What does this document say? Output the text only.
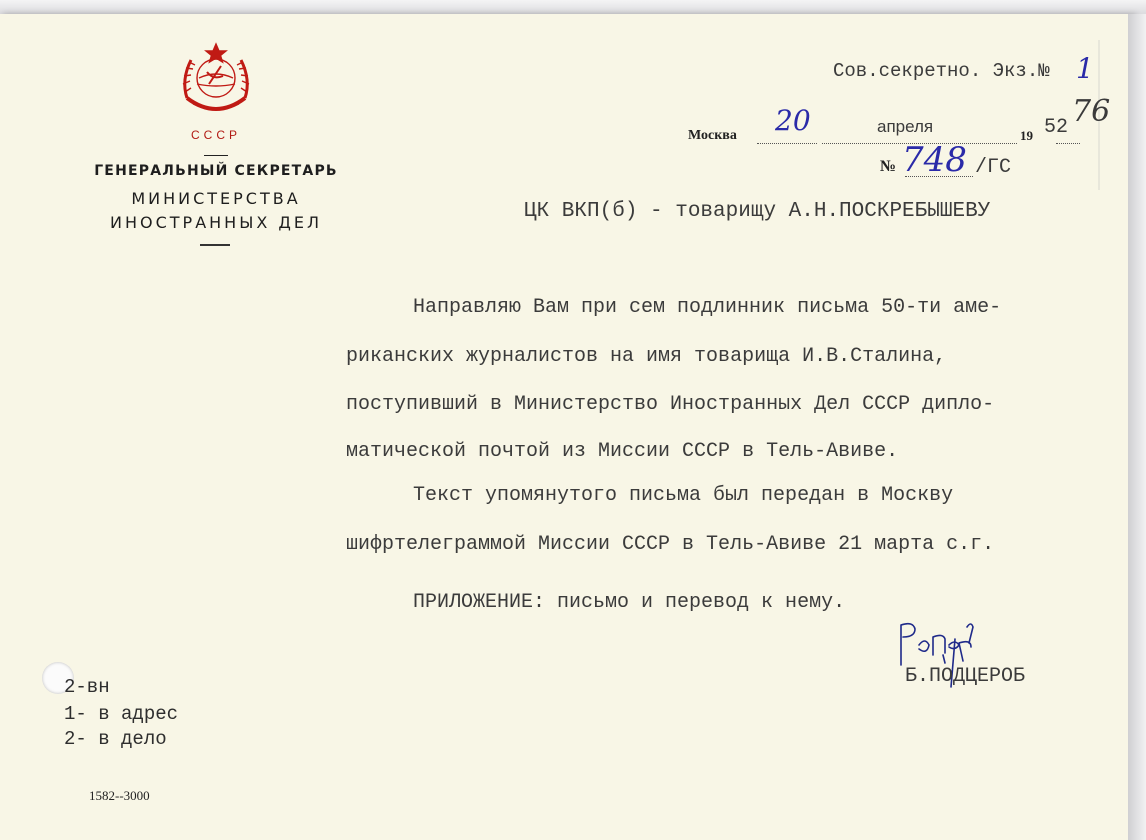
СССР
ГЕНЕРАЛЬНЫЙ СЕКРЕТАРЬ
МИНИСТЕРСТВА
ИНОСТРАННЫХ ДЕЛ
Сов.секретно. Экз.№ 1
Москва 20	апреля	19 52 76
№ 748 /ГС
ЦК ВКП(б) - товарищу А.Н.ПОСКРЕБЫШЕВУ
Направляю Вам при сем подлинник письма 50-ти аме-
риканских журналистов на имя товарища И.В.Сталина,
поступивший в Министерство Иностранных Дел СССР дипло-
матической почтой из Миссии СССР в Тель-Авиве.
Текст упомянутого письма был передан в Москву
шифртелеграммой Миссии СССР в Тель-Авиве 21 марта с.г.
ПРИЛОЖЕНИЕ: письмо и перевод к нему.
Б.ПОДЦЕРОБ
2-вн
1- в адрес
2- в дело
1582--3000
